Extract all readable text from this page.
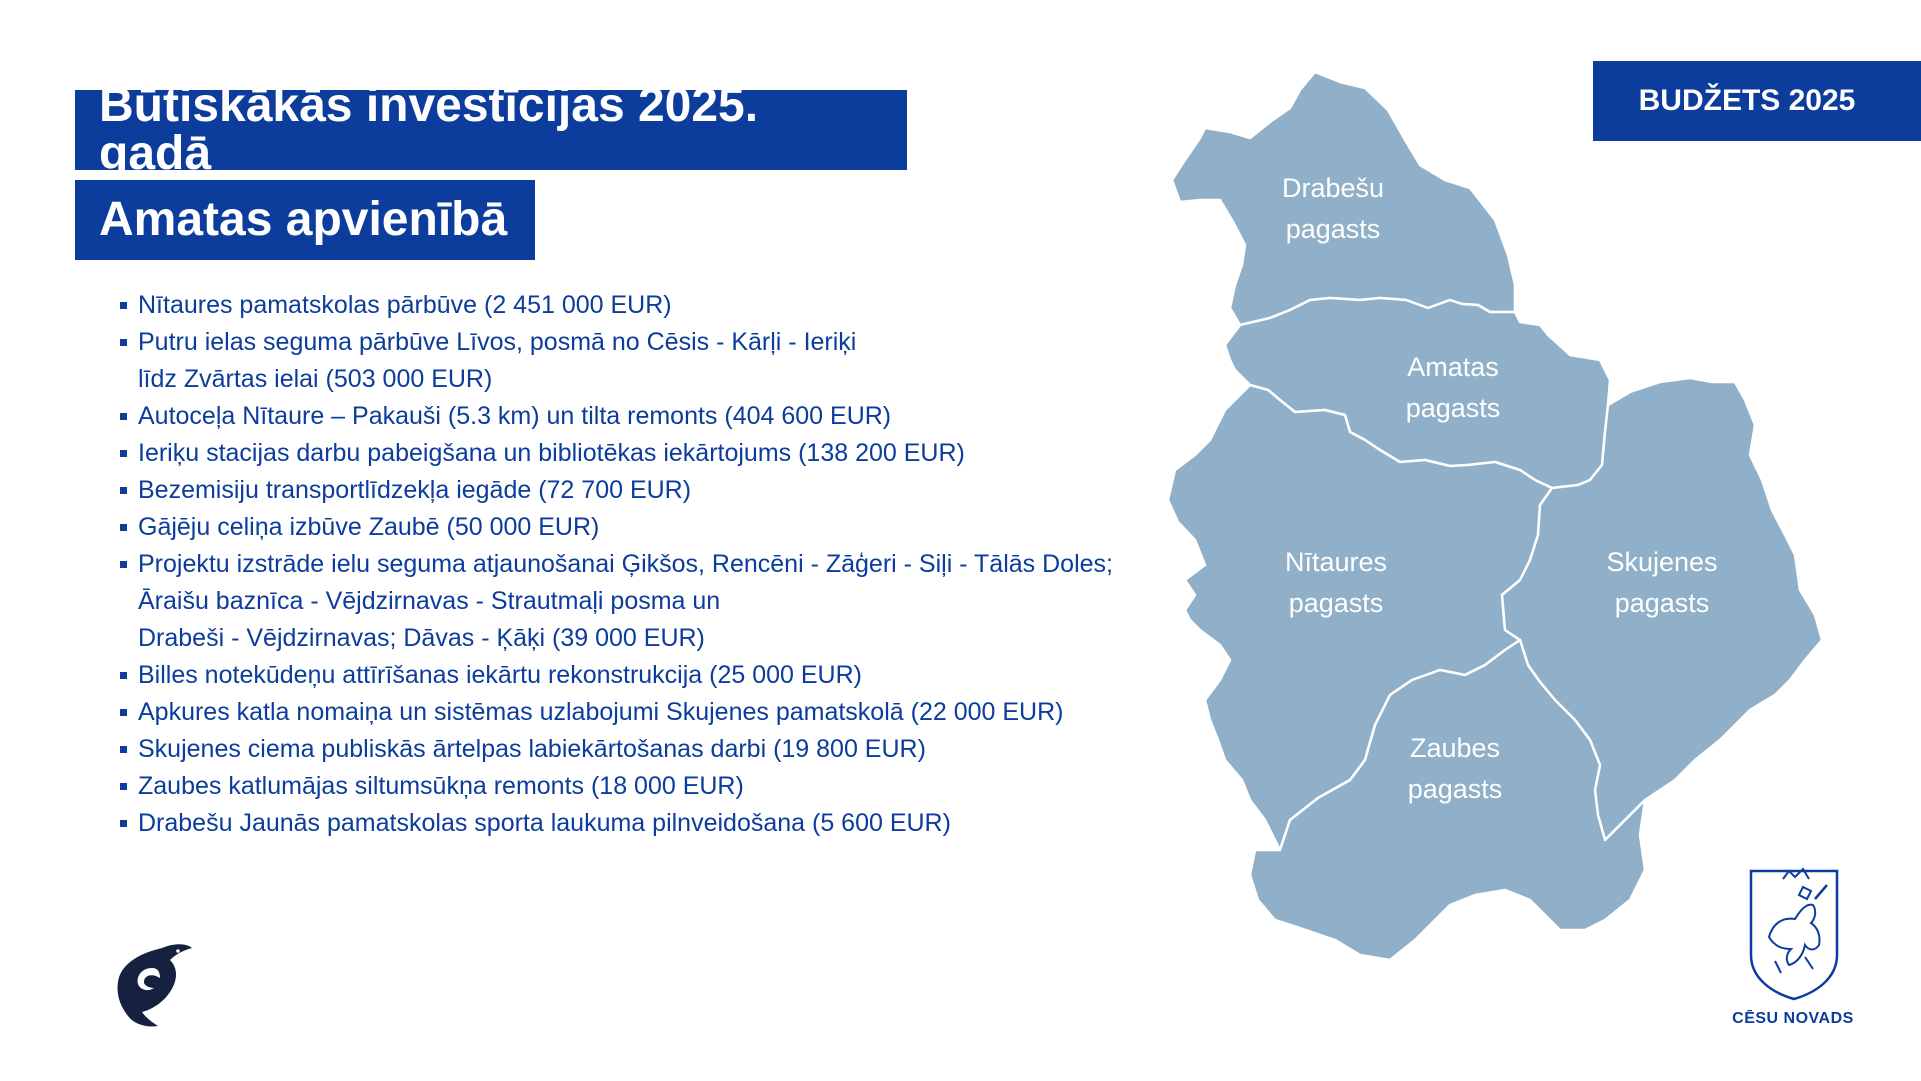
Būtiskākās investīcijas 2025. gadā
Amatas apvienībā
BUDŽETS 2025
Nītaures pamatskolas pārbūve (2 451 000 EUR)
Putru ielas seguma pārbūve Līvos, posmā no Cēsis - Kārļi - Ieriķi
līdz Zvārtas ielai (503 000 EUR)
Autoceļa Nītaure – Pakauši (5.3 km) un tilta remonts (404 600 EUR)
Ieriķu stacijas darbu pabeigšana un bibliotēkas iekārtojums (138 200 EUR)
Bezemisiju transportlīdzekļa iegāde (72 700 EUR)
Gājēju celiņa izbūve Zaubē (50 000 EUR)
Projektu izstrāde ielu seguma atjaunošanai Ģikšos, Rencēni - Zāģeri - Siļi - Tālās Doles;
Āraišu baznīca - Vējdzirnavas - Strautmaļi posma un
Drabeši - Vējdzirnavas; Dāvas - Ķāķi (39 000 EUR)
Billes notekūdeņu attīrīšanas iekārtu rekonstrukcija (25 000 EUR)
Apkures katla nomaiņa un sistēmas uzlabojumi Skujenes pamatskolā (22 000 EUR)
Skujenes ciema publiskās ārtelpas labiekārtošanas darbi (19 800 EUR)
Zaubes katlumājas siltumsūkņa remonts (18 000 EUR)
Drabešu Jaunās pamatskolas sporta laukuma pilnveidošana (5 600 EUR)
Drabešu
pagasts
Amatas
pagasts
Nītaures
pagasts
Skujenes
pagasts
Zaubes
pagasts
CĒSU NOVADS
